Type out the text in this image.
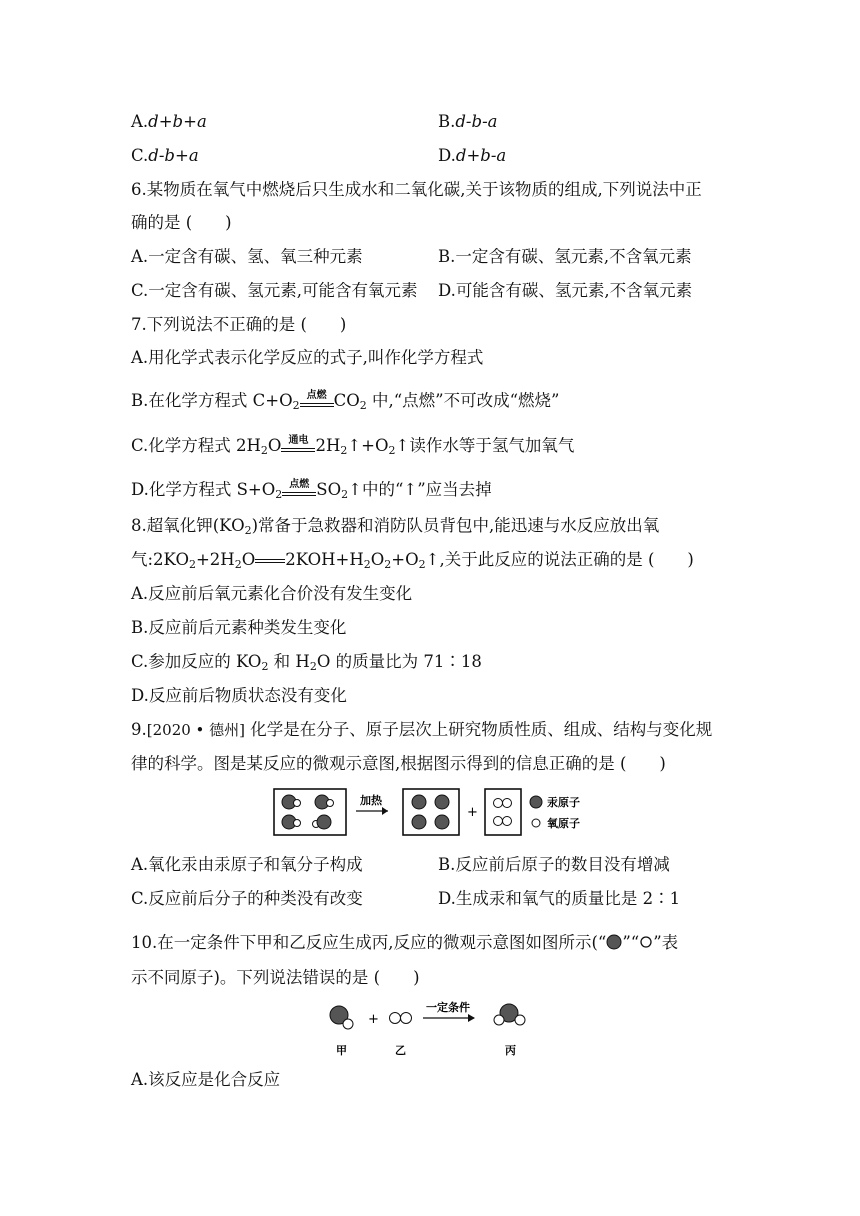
A.d+b+a	B.d-b-a
C.d-b+a	D.d+b-a
6.某物质在氧气中燃烧后只生成水和二氧化碳,关于该物质的组成,下列说法中正
确的是 (　　)
A.一定含有碳、氢、氧三种元素	B.一定含有碳、氢元素,不含氧元素
C.一定含有碳、氢元素,可能含有氧元素 D.可能含有碳、氢元素,不含氧元素
7.下列说法不正确的是 (　　)
A.用化学式表示化学反应的式子,叫作化学方程式
B.在化学方程式 $C+O_2$
点燃 $CO_2$ 中,“点燃”不可改成“燃烧”
C.化学方程式 $2H_2O$ 通电 $2H_2↑+O_2↑$读作水等于氢气加氧气
D.化学方程式 $S+O_2$
点燃 $SO_2↑$中的“↑”应当去掉
8.超氧化钾$(KO_2)$常备于急救器和消防队员背包中,能迅速与水反应放出氧
气$:2KO_2+2H_2O$ $2KOH+H_2O_2+O_2↑$,关于此反应的说法正确的是 (　　)
A.反应前后氧元素化合价没有发生变化
B.反应前后元素种类发生变化
C.参加反应的 $KO_2$ 和 $H_2O$ 的质量比为 71∶18
D.反应前后物质状态没有变化
9.[2020 • 德州] 化学是在分子、原子层次上研究物质性质、组成、结构与变化规
律的科学。图是某反应的微观示意图,根据图示得到的信息正确的是 (　　)
加热
+
汞原子
氧原子
A.氧化汞由汞原子和氧分子构成	B.反应前后原子的数目没有增减
C.反应前后分子的种类没有改变	D.生成汞和氧气的质量比是 2∶1
10.在一定条件下甲和乙反应生成丙,反应的微观示意图如图所示(“ ”“ ”表
示不同原子)。下列说法错误的是 (　　)
+
一定条件
甲	乙	丙
A.该反应是化合反应
